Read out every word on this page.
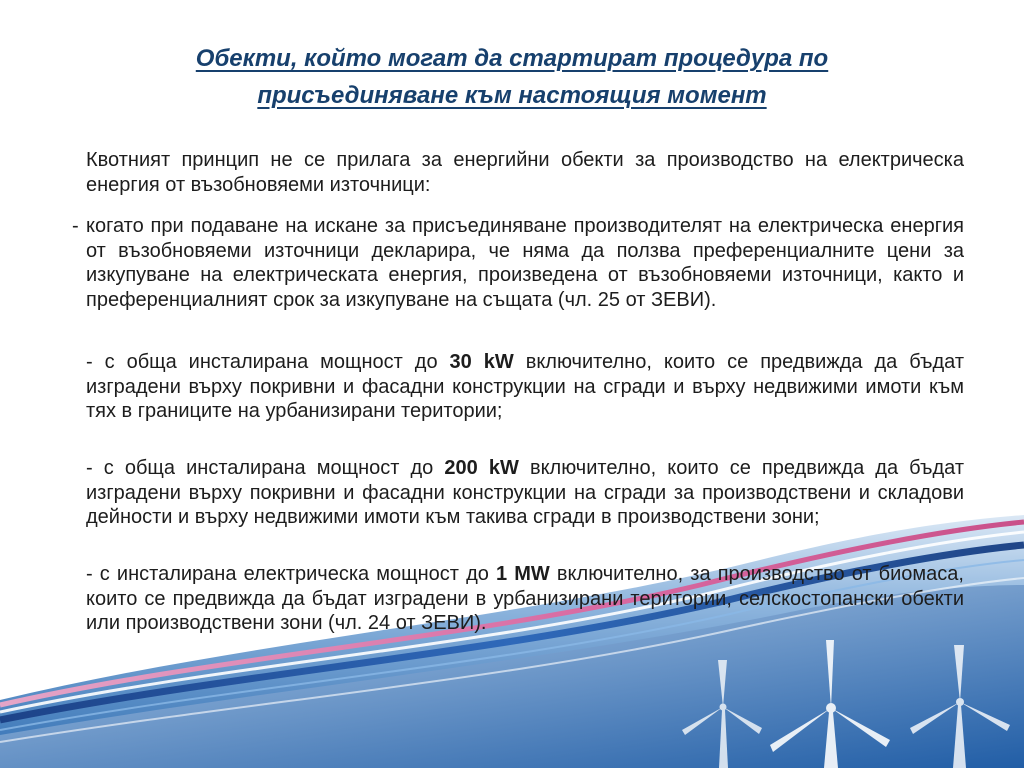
Обекти, който могат да стартират процедура по
присъединяване към настоящия момент

Квотният принцип не се прилага за енергийни обекти за производство на електрическа енергия от възобновяеми източници:

- когато при подаване на искане за присъединяване производителят на електрическа енергия от възобновяеми източници декларира, че няма да ползва преференциалните цени за изкупуване на електрическата енергия, произведена от възобновяеми източници, както и преференциалният срок за изкупуване на същата (чл. 25 от ЗЕВИ).

- с обща инсталирана мощност до 30 kW включително, които се предвижда да бъдат изградени върху покривни и фасадни конструкции на сгради и върху недвижими имоти към тях в границите на урбанизирани територии;

- с обща инсталирана мощност до 200 kW включително, които се предвижда да бъдат изградени върху покривни и фасадни конструкции на сгради за производствени и складови дейности и върху недвижими имоти към такива сгради в производствени зони;

- с инсталирана електрическа мощност до 1 MW включително, за производство от биомаса, които се предвижда да бъдат изградени в урбанизирани територии, селскостопански обекти или производствени зони (чл. 24 от ЗЕВИ).
